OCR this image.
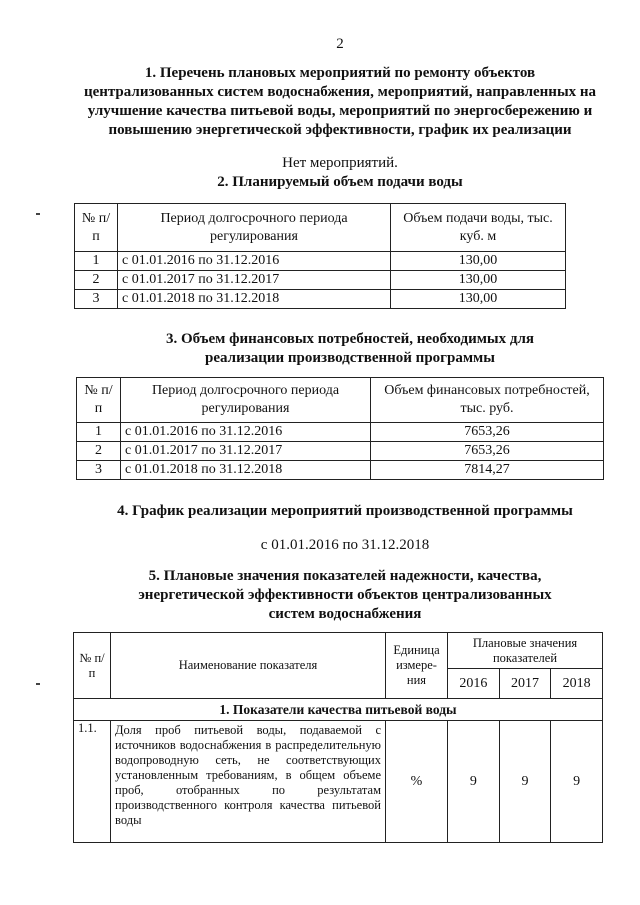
2
1. Перечень плановых мероприятий по ремонту объектов
централизованных систем водоснабжения, мероприятий, направленных на
улучшение качества питьевой воды, мероприятий по энергосбережению и
повышению энергетической эффективности, график их реализации
Нет мероприятий.
2. Планируемый объем подачи воды
№ п/п	Период долгосрочного периода регулирования	Объем подачи воды, тыс. куб. м
1	с 01.01.2016 по 31.12.2016	130,00
2	с 01.01.2017 по 31.12.2017	130,00
3	с 01.01.2018 по 31.12.2018	130,00
3. Объем финансовых потребностей, необходимых для
реализации производственной программы
№ п/п	Период долгосрочного периода регулирования	Объем финансовых потребностей, тыс. руб.
1	с 01.01.2016 по 31.12.2016	7653,26
2	с 01.01.2017 по 31.12.2017	7653,26
3	с 01.01.2018 по 31.12.2018	7814,27
4. График реализации мероприятий производственной программы
с 01.01.2016 по 31.12.2018
5. Плановые значения показателей надежности, качества,
энергетической эффективности объектов централизованных
систем водоснабжения
№ п/п	Наименование показателя	Единица измере-ния	Плановые значения показателей		
			2016	2017	2018
1. Показатели качества питьевой воды					
1.1.	Доля проб питьевой воды, подаваемой с источников водоснабжения в распределительную водопроводную сеть, не соответствующих установленным требованиям, в общем объеме проб, отобранных по результатам производственного контроля качества питьевой воды	%	9	9	9
